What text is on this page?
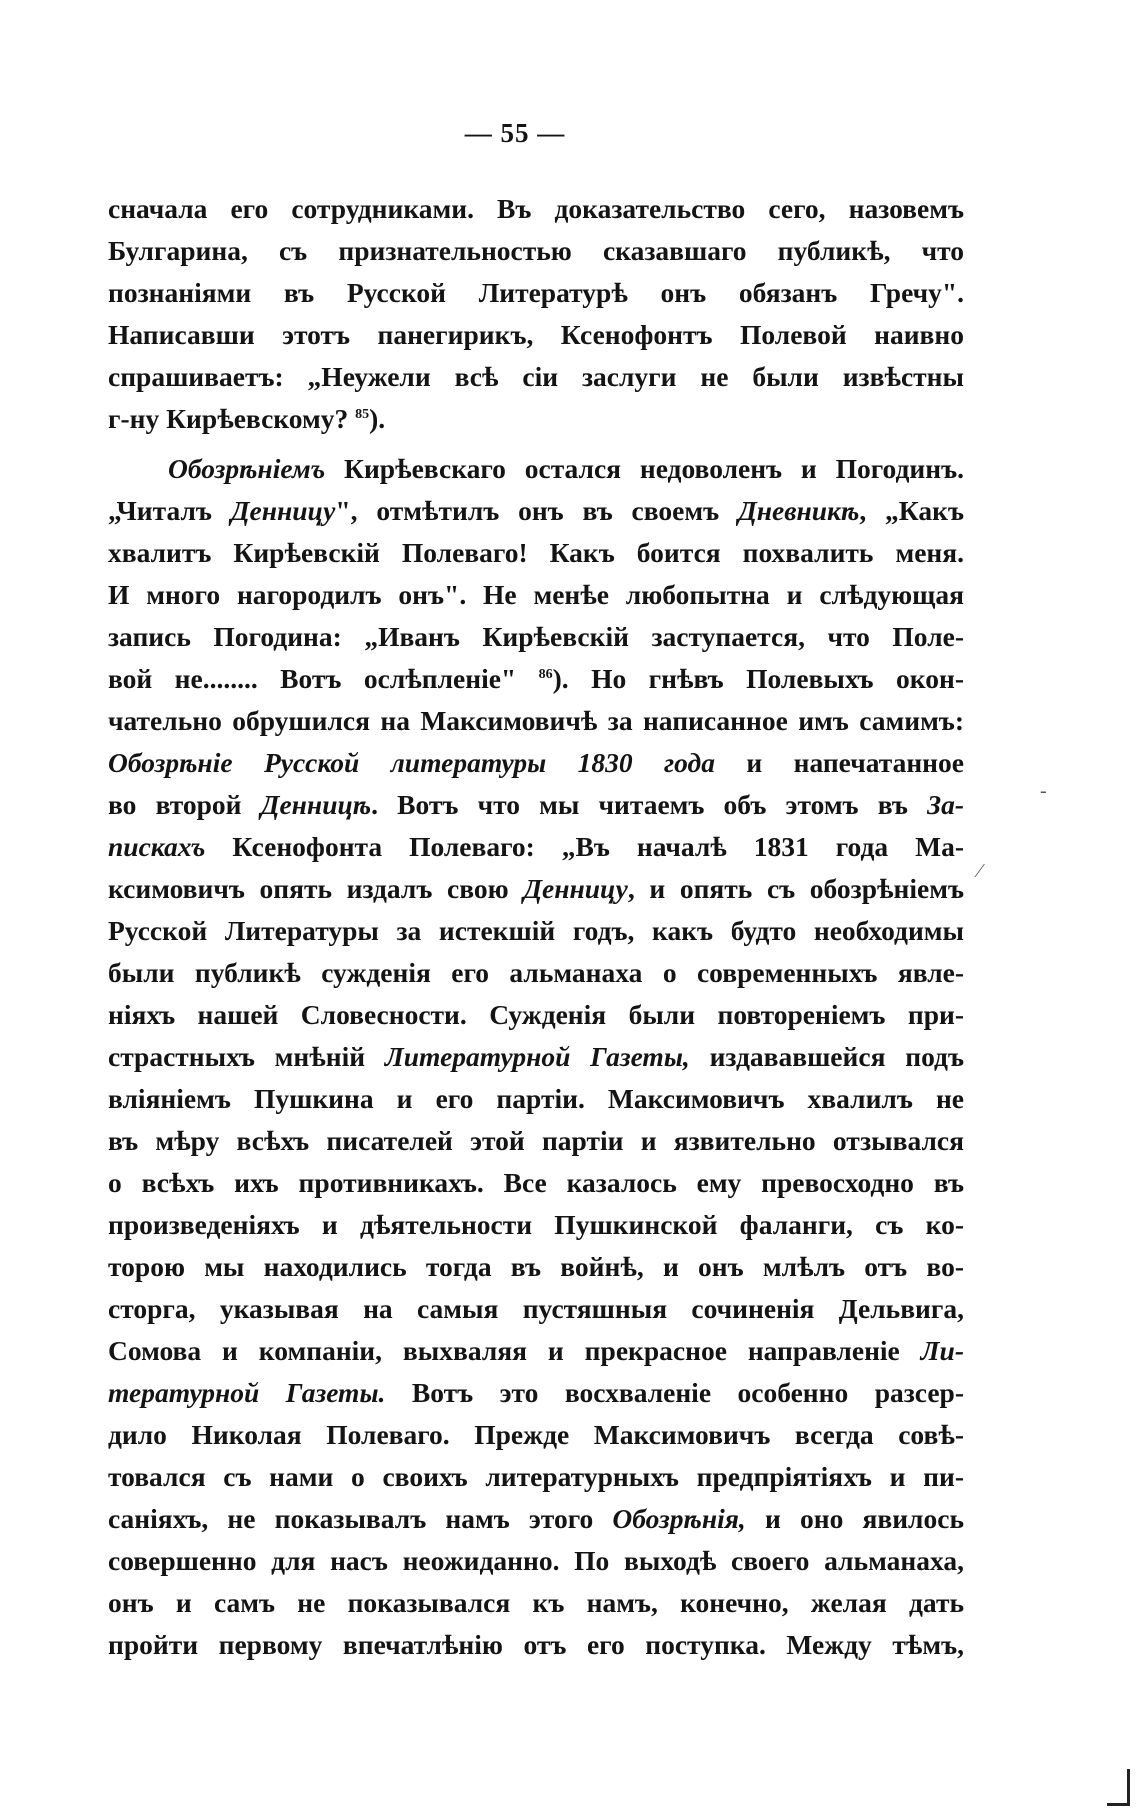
— 55 —
сначала его сотрудниками. Въ доказательство сего, назовемъ
Булгарина, съ признательностью сказавшаго публикѣ, что
познаніями въ Русской Литературѣ онъ обязанъ Гречу".
Написавши этотъ панегирикъ, Ксенофонтъ Полевой наивно
спрашиваетъ: „Неужели всѣ сіи заслуги не были извѣстны
г-ну Кирѣевскому? $^{85}$).
Обозрѣніемъ Кирѣевскаго остался недоволенъ и Погодинъ.
„Читалъ Денницу", отмѣтилъ онъ въ своемъ Дневникѣ, „Какъ
хвалитъ Кирѣевскій Полеваго! Какъ боится похвалить меня.
И много нагородилъ онъ". Не менѣе любопытна и слѣдующая
запись Погодина: „Иванъ Кирѣевскій заступается, что Поле-
вой не........ Вотъ ослѣпленіе" $^{86}$). Но гнѣвъ Полевыхъ окон-
чательно обрушился на Максимовичѣ за написанное имъ самимъ:
Обозрѣніе Русской литературы 1830 года и напечатанное
во второй Денницѣ. Вотъ что мы читаемъ объ этомъ въ За-
пискахъ Ксенофонта Полеваго: „Въ началѣ 1831 года Ма-
ксимовичъ опять издалъ свою Денницу, и опять съ обозрѣніемъ
Русской Литературы за истекшій годъ, какъ будто необходимы
были публикѣ сужденія его альманаха о современныхъ явле-
ніяхъ нашей Словесности. Сужденія были повтореніемъ при-
страстныхъ мнѣній Литературной Газеты, издававшейся подъ
вліяніемъ Пушкина и его партіи. Максимовичъ хвалилъ не
въ мѣру всѣхъ писателей этой партіи и язвительно отзывался
о всѣхъ ихъ противникахъ. Все казалось ему превосходно въ
произведеніяхъ и дѣятельности Пушкинской фаланги, съ ко-
торою мы находились тогда въ войнѣ, и онъ млѣлъ отъ во-
сторга, указывая на самыя пустяшныя сочиненія Дельвига,
Сомова и компаніи, выхваляя и прекрасное направленіе Ли-
тературной Газеты. Вотъ это восхваленіе особенно разсер-
дило Николая Полеваго. Прежде Максимовичъ всегда совѣ-
товался съ нами о своихъ литературныхъ предпріятіяхъ и пи-
саніяхъ, не показывалъ намъ этого Обозрѣнія, и оно явилось
совершенно для насъ неожиданно. По выходѣ своего альманаха,
онъ и самъ не показывался къ намъ, конечно, желая дать
пройти первому впечатлѣнію отъ его поступка. Между тѣмъ,
-
⁄
